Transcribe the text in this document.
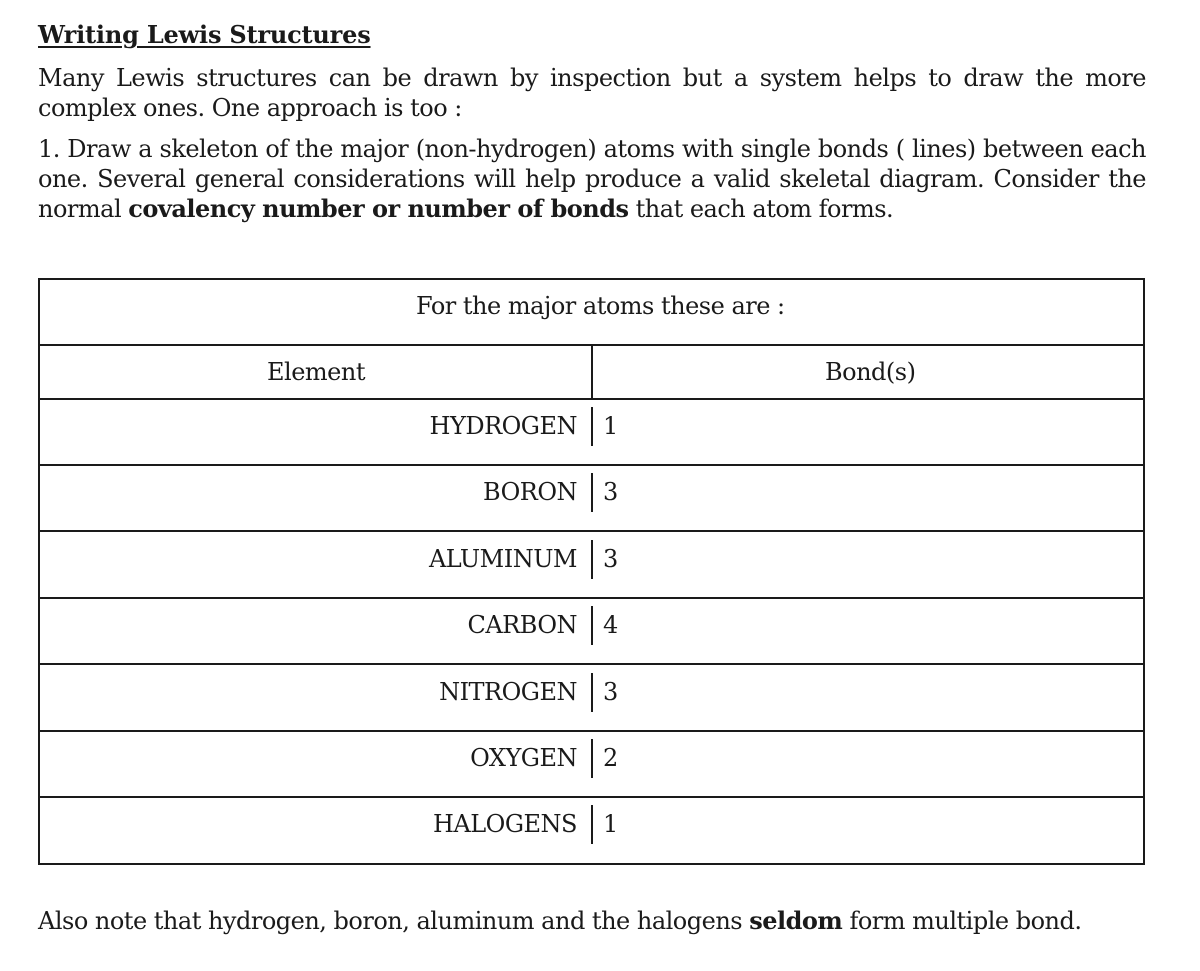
Writing Lewis Structures
Many Lewis structures can be drawn by inspection but a system helps to draw the more complex ones. One approach is too :
1. Draw a skeleton of the major (non-hydrogen) atoms with single bonds ( lines) between each one. Several general considerations will help produce a valid skeletal diagram. Consider the normal covalency number or number of bonds that each atom forms.
For the major atoms these are :
Element	Bond(s)
HYDROGEN 1
BORON 3
ALUMINUM 3
CARBON 4
NITROGEN 3
OXYGEN 2
HALOGENS 1
Also note that hydrogen, boron, aluminum and the halogens seldom form multiple bond.
